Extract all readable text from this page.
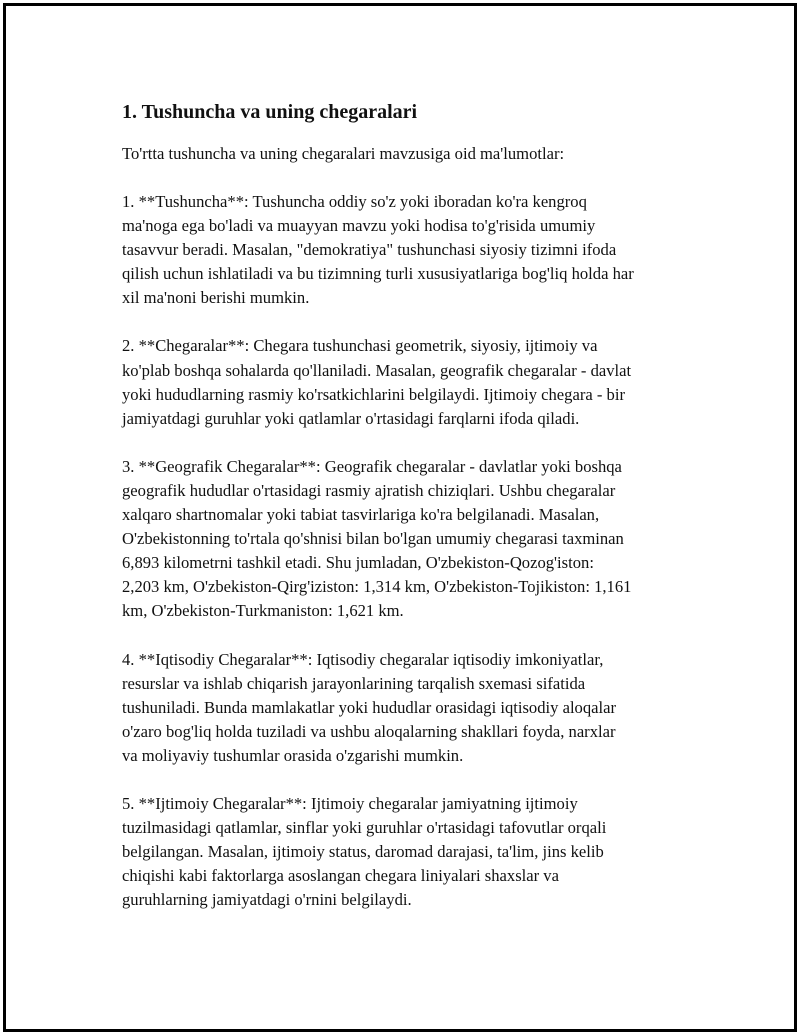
1. Tushuncha va uning chegaralari

To'rtta tushuncha va uning chegaralari mavzusiga oid ma'lumotlar:

1. **Tushuncha**: Tushuncha oddiy so'z yoki iboradan ko'ra kengroq
ma'noga ega bo'ladi va muayyan mavzu yoki hodisa to'g'risida umumiy
tasavvur beradi. Masalan, "demokratiya" tushunchasi siyosiy tizimni ifoda
qilish uchun ishlatiladi va bu tizimning turli xususiyatlariga bog'liq holda har
xil ma'noni berishi mumkin.

2. **Chegaralar**: Chegara tushunchasi geometrik, siyosiy, ijtimoiy va
ko'plab boshqa sohalarda qo'llaniladi. Masalan, geografik chegaralar - davlat
yoki hududlarning rasmiy ko'rsatkichlarini belgilaydi. Ijtimoiy chegara - bir
jamiyatdagi guruhlar yoki qatlamlar o'rtasidagi farqlarni ifoda qiladi.

3. **Geografik Chegaralar**: Geografik chegaralar - davlatlar yoki boshqa
geografik hududlar o'rtasidagi rasmiy ajratish chiziqlari. Ushbu chegaralar
xalqaro shartnomalar yoki tabiat tasvirlariga ko'ra belgilanadi. Masalan,
O'zbekistonning to'rtala qo'shnisi bilan bo'lgan umumiy chegarasi taxminan
6,893 kilometrni tashkil etadi. Shu jumladan, O'zbekiston-Qozog'iston:
2,203 km, O'zbekiston-Qirg'iziston: 1,314 km, O'zbekiston-Tojikiston: 1,161
km, O'zbekiston-Turkmaniston: 1,621 km.

4. **Iqtisodiy Chegaralar**: Iqtisodiy chegaralar iqtisodiy imkoniyatlar,
resurslar va ishlab chiqarish jarayonlarining tarqalish sxemasi sifatida
tushuniladi. Bunda mamlakatlar yoki hududlar orasidagi iqtisodiy aloqalar
o'zaro bog'liq holda tuziladi va ushbu aloqalarning shakllari foyda, narxlar
va moliyaviy tushumlar orasida o'zgarishi mumkin.

5. **Ijtimoiy Chegaralar**: Ijtimoiy chegaralar jamiyatning ijtimoiy
tuzilmasidagi qatlamlar, sinflar yoki guruhlar o'rtasidagi tafovutlar orqali
belgilangan. Masalan, ijtimoiy status, daromad darajasi, ta'lim, jins kelib
chiqishi kabi faktorlarga asoslangan chegara liniyalari shaxslar va
guruhlarning jamiyatdagi o'rnini belgilaydi.
